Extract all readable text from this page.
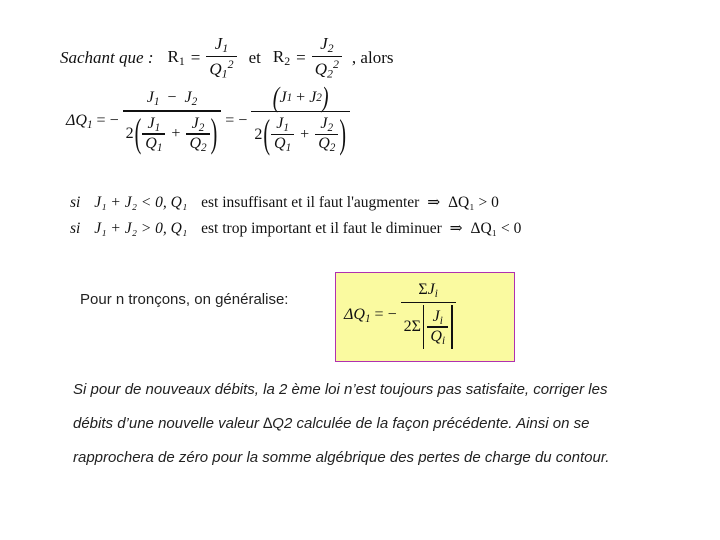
Sachant que : $R_1 = \frac{J_1}{Q_1^2}$ et $R_2 = \frac{J_2}{Q_2^2}$ , alors
$\Delta Q_1$ = −
$J_1 - J_2$
2 ( $\frac{J_1}{Q_1} + \frac{J_2}{Q_2}$ ) = −
( J 1 + J 2 )
2 ( $\frac{J_1}{Q_1} + \frac{J_2}{Q_2}$ )
si J₁ + J₂ < 0, Q₁ est insuffisant et il faut l'augmenter ⇒ ΔQ₁ > 0
si J₁ + J₂ > 0, Q₁ est trop important et il faut le diminuer ⇒ ΔQ₁ < 0
Pour n tronçons, on généralise:
$\Delta Q_1$ = − $\frac{\Sigma J_i}{2\Sigma \frac{J_i}{Q_i}}$
Si pour de nouveaux débits, la 2 ème loi n’est toujours pas satisfaite, corriger les
débits d’une nouvelle valeur ∆Q2 calculée de la façon précédente. Ainsi on se
rapprochera de zéro pour la somme algébrique des pertes de charge du contour.
